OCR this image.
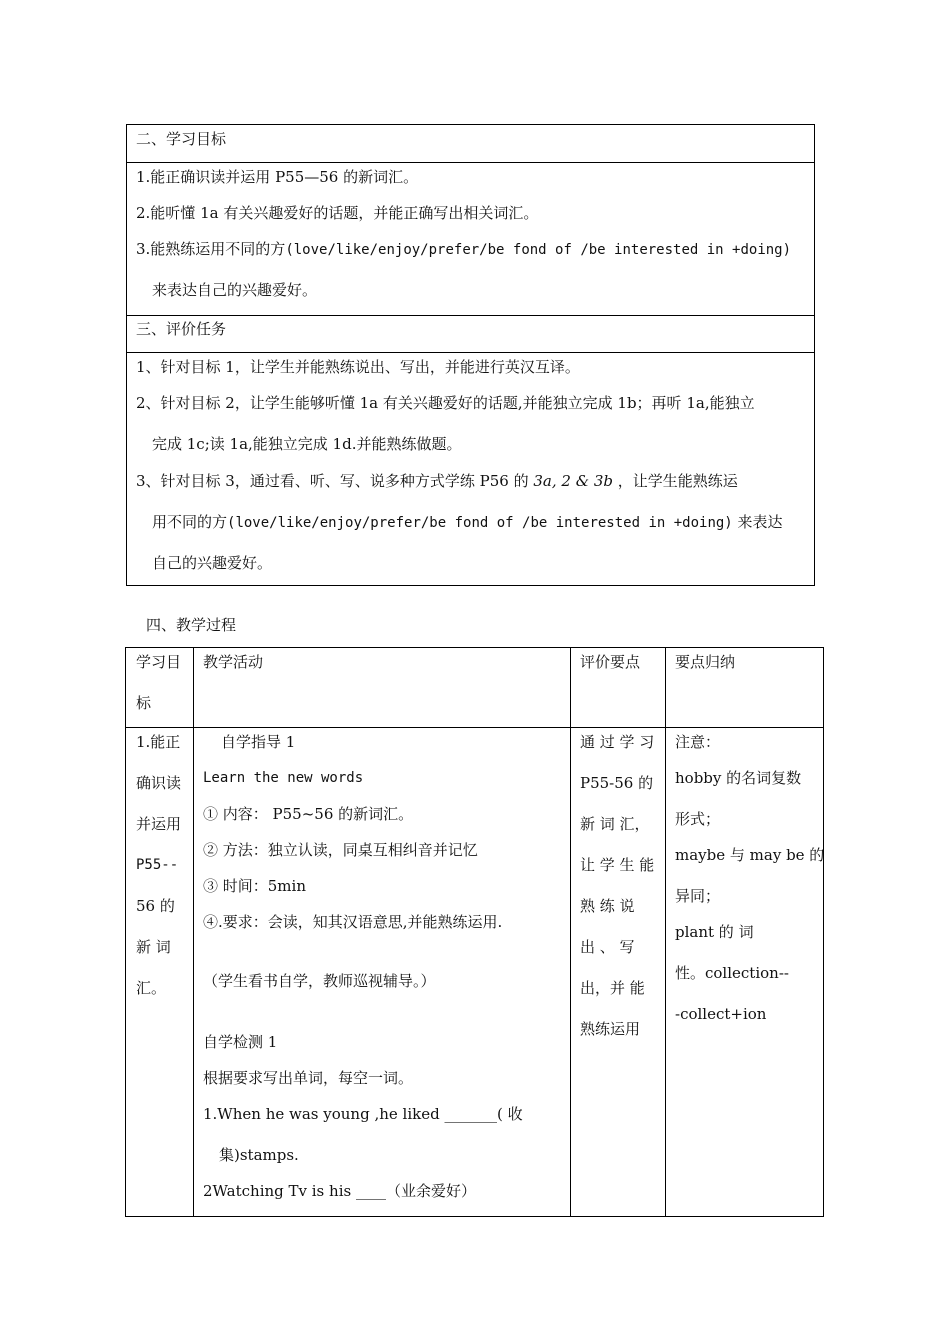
二、学习目标
1.能正确识读并运用 P55—56 的新词汇。
2.能听懂 1a 有关兴趣爱好的话题，并能正确写出相关词汇。
3.能熟练运用不同的方(love/like/enjoy/prefer/be fond of /be interested in +doing)
来表达自己的兴趣爱好。
三、评价任务
1、针对目标 1，让学生并能熟练说出、写出，并能进行英汉互译。
2、针对目标 2，让学生能够听懂 1a 有关兴趣爱好的话题,并能独立完成 1b；再听 1a,能独立
完成 1c;读 1a,能独立完成 1d.并能熟练做题。
3、针对目标 3，通过看、听、写、说多种方式学练 P56 的 3a, 2 & 3b ，让学生能熟练运
用不同的方(love/like/enjoy/prefer/be fond of /be interested in +doing) 来表达
自己的兴趣爱好。
四、教学过程
学习目
标
教学活动	评价要点 要点归纳
1.能正
确识读
并运用
P55--
56 的
新 词
汇。
自学指导 1
Learn the new words
① 内容： P55~56 的新词汇。
② 方法：独立认读，同桌互相纠音并记忆
③ 时间：5min
④.要求：会读，知其汉语意思,并能熟练运用.
（学生看书自学，教师巡视辅导。）
自学检测 1
根据要求写出单词，每空一词。
1.When he was young ,he liked _______( 收
集)stamps.
2Watching Tv is his ____（业余爱好）
通 过 学 习
P55-56 的
新 词 汇，
让 学 生 能
熟 练 说
出 、 写
出，并 能
熟练运用
注意：
hobby 的名词复数
形式；
maybe 与 may be 的
异同；
plant 的 词
性。collection--
-collect+ion
